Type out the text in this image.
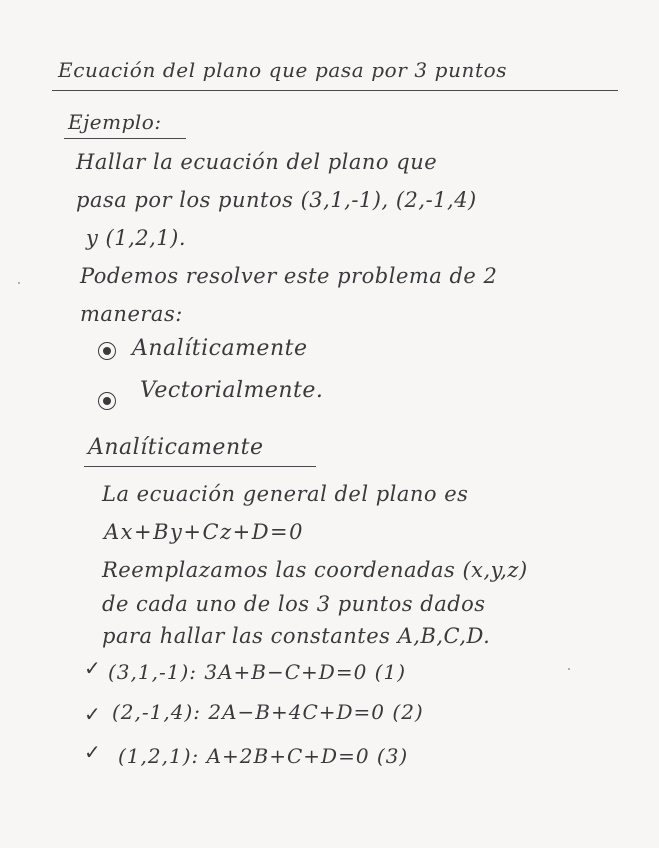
Ecuación del plano que pasa por 3 puntos
Ejemplo:
Hallar la ecuación del plano que
pasa por los puntos (3,1,-1), (2,-1,4)
y (1,2,1).
Podemos resolver este problema de 2
maneras:
Analíticamente
Vectorialmente.
Analíticamente
La ecuación general del plano es
Ax+By+Cz+D=0
Reemplazamos las coordenadas (x,y,z)
de cada uno de los 3 puntos dados
para hallar las constantes A,B,C,D.
✓ (3,1,-1): 3A+B−C+D=0 (1)
✓ (2,-1,4): 2A−B+4C+D=0 (2)
✓ (1,2,1): A+2B+C+D=0 (3)
